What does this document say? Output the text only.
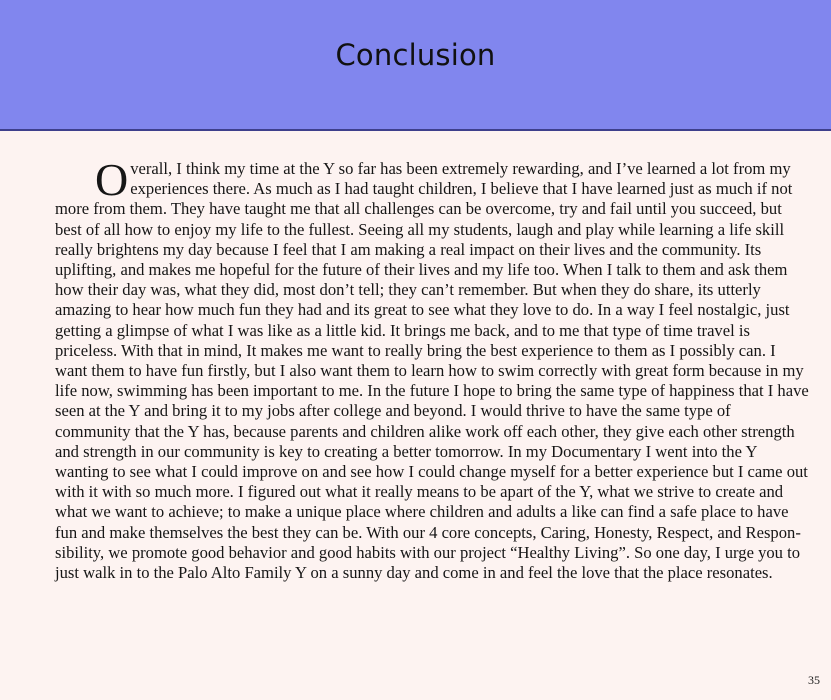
Conclusion

Overall, I think my time at the Y so far has been extremely rewarding, and I’ve learned a lot from my experiences there. As much as I had taught children, I believe that I have learned just as much if not more from them. They have taught me that all challenges can be overcome, try and fail until you succeed, but best of all how to enjoy my life to the fullest. Seeing all my students, laugh and play while learning a life skill really brightens my day because I feel that I am making a real impact on their lives and the community. Its uplifting, and makes me hopeful for the future of their lives and my life too. When I talk to them and ask them how their day was, what they did, most don’t tell; they can’t remember. But when they do share, its utterly amazing to hear how much fun they had and its great to see what they love to do. In a way I feel nostalgic, just getting a glimpse of what I was like as a little kid. It brings me back, and to me that type of time travel is priceless. With that in mind, It makes me want to really bring the best experience to them as I possibly can. I want them to have fun firstly, but I also want them to learn how to swim correctly with great form because in my life now, swimming has been important to me. In the future I hope to bring the same type of happiness that I have seen at the Y and bring it to my jobs after college and beyond. I would thrive to have the same type of community that the Y has, because parents and children alike work off each other, they give each other strength and strength in our community is key to creating a better tomorrow. In my Documentary I went into the Y wanting to see what I could improve on and see how I could change myself for a better experience but I came out with it with so much more. I figured out what it really means to be apart of the Y, what we strive to create and what we want to achieve; to make a unique place where children and adults a like can find a safe place to have fun and make themselves the best they can be. With our 4 core concepts, Caring, Honesty, Respect, and Responsibility, we promote good behavior and good habits with our project “Healthy Living”. So one day, I urge you to just walk in to the Palo Alto Family Y on a sunny day and come in and feel the love that the place resonates.

35
